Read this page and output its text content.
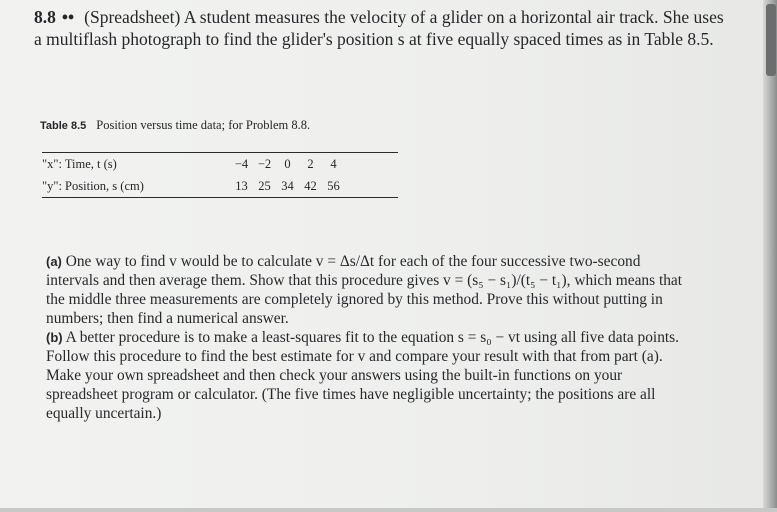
8.8 •• (Spreadsheet) A student measures the velocity of a glider on a horizontal air track. She uses a multiflash photograph to find the glider's position s at five equally spaced times as in Table 8.5.
Table 8.5 Position versus time data; for Problem 8.8.
"x": Time, t (s)	−4 −2	0	2	4
"y": Position, s (cm)	13 25 34 42 56

(a) One way to find v would be to calculate v = Δs/Δt for each of the four successive two-second intervals and then average them. Show that this procedure gives v = (s₅ − s₁)/(t₅ − t₁), which means that the middle three measurements are completely ignored by this method. Prove this without putting in numbers; then find a numerical answer.

(b) A better procedure is to make a least-squares fit to the equation s = s₀ − vt using all five data points. Follow this procedure to find the best estimate for v and compare your result with that from part (a). Make your own spreadsheet and then check your answers using the built-in functions on your spreadsheet program or calculator. (The five times have negligible uncertainty; the positions are all equally uncertain.)
